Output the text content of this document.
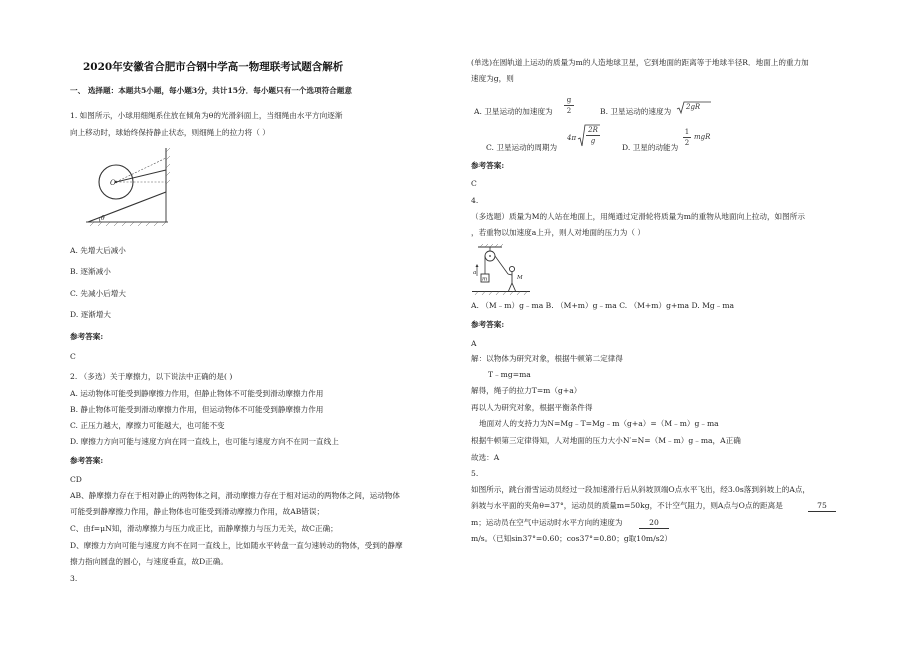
2020年安徽省合肥市合钢中学高一物理联考试题含解析
一、 选择题：本题共5小题，每小题3分，共计15分．每小题只有一个选项符合题意
1. 如图所示，小球用细绳系住放在倾角为θ的光滑斜面上，当细绳由水平方向逐渐
向上移动时，球始终保持静止状态，则细绳上的拉力将（ ）
O
θ
A. 先增大后减小
B. 逐渐减小
C. 先减小后增大
D. 逐渐增大
参考答案:
C
2. （多选）关于摩擦力，以下说法中正确的是( )
A. 运动物体可能受到静摩擦力作用，但静止物体不可能受到滑动摩擦力作用
B. 静止物体可能受到滑动摩擦力作用，但运动物体不可能受到静摩擦力作用
C. 正压力越大，摩擦力可能越大，也可能不变
D. 摩擦力方向可能与速度方向在同一直线上，也可能与速度方向不在同一直线上
参考答案:
CD
AB、静摩擦力存在于相对静止的两物体之间，滑动摩擦力存在于相对运动的两物体之间，运动物体
可能受到静摩擦力作用，静止物体也可能受到滑动摩擦力作用，故AB错误；
C、由f=μN知，滑动摩擦力与压力成正比，而静摩擦力与压力无关，故C正确；
D、摩擦力方向可能与速度方向不在同一直线上，比如随水平转盘一直匀速转动的物体，受到的静摩
擦力指向圆盘的圆心，与速度垂直，故D正确。
3.
(单选)在圆轨道上运动的质量为m的人造地球卫星，它到地面的距离等于地球半径R．地面上的重力加
速度为g，则
A. 卫星运动的加速度为
g
2	B. 卫星运动的速度为 2gR
C. 卫星运动的周期为
4π
2R
g
D. 卫星的动能为
1
2
mgR
参考答案:
C
4.
（多选题）质量为M的人站在地面上，用绳通过定滑轮将质量为m的重物从地面向上拉动，如图所示
，若重物以加速度a上升，则人对地面的压力为（ ）
a
m	M
A. （M﹣m）g﹣ma B. （M+m）g﹣ma C. （M+m）g+ma D. Mg﹣ma
参考答案:
A
解：以物体为研究对象，根据牛顿第二定律得
T﹣mg=ma
解得，绳子的拉力T=m（g+a）
再以人为研究对象，根据平衡条件得
地面对人的支持力为N=Mg﹣T=Mg﹣m（g+a）=（M﹣m）g﹣ma
根据牛顿第三定律得知，人对地面的压力大小N′=N=（M﹣m）g﹣ma，A正确
故选：A
5.
如图所示，跳台滑雪运动员经过一段加速滑行后从斜坡顶端O点水平飞出，经3.0s落到斜坡上的A点，
斜坡与水平面的夹角θ=37°，运动员的质量m=50kg，不计空气阻力，则A点与O点的距离是	75
m；运动员在空气中运动时水平方向的速度为	20
m/s。（已知sin37°=0.60；cos37°=0.80；g取10m/s2）
